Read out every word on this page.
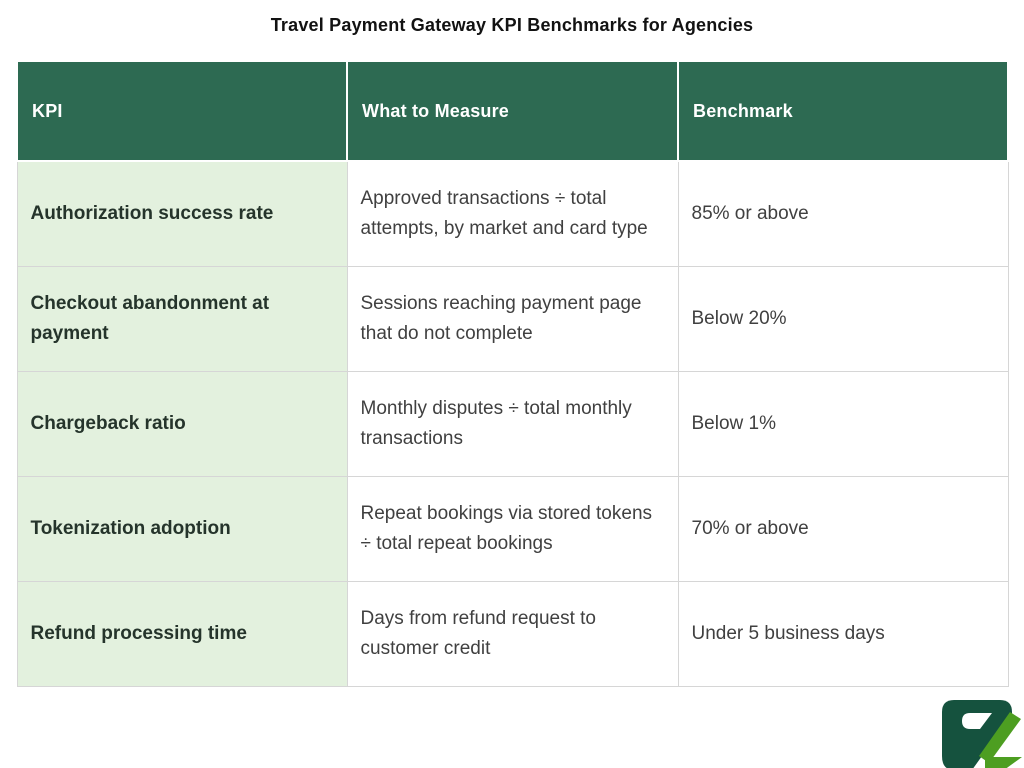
Travel Payment Gateway KPI Benchmarks for Agencies
KPI	What to Measure	Benchmark
Authorization success rate	Approved transactions ÷ total attempts, by market and card type	85% or above
Checkout abandonment at payment	Sessions reaching payment page that do not complete	Below 20%
Chargeback ratio	Monthly disputes ÷ total monthly transactions	Below 1%
Tokenization adoption	Repeat bookings via stored tokens ÷ total repeat bookings	70% or above
Refund processing time	Days from refund request to customer credit	Under 5 business days
